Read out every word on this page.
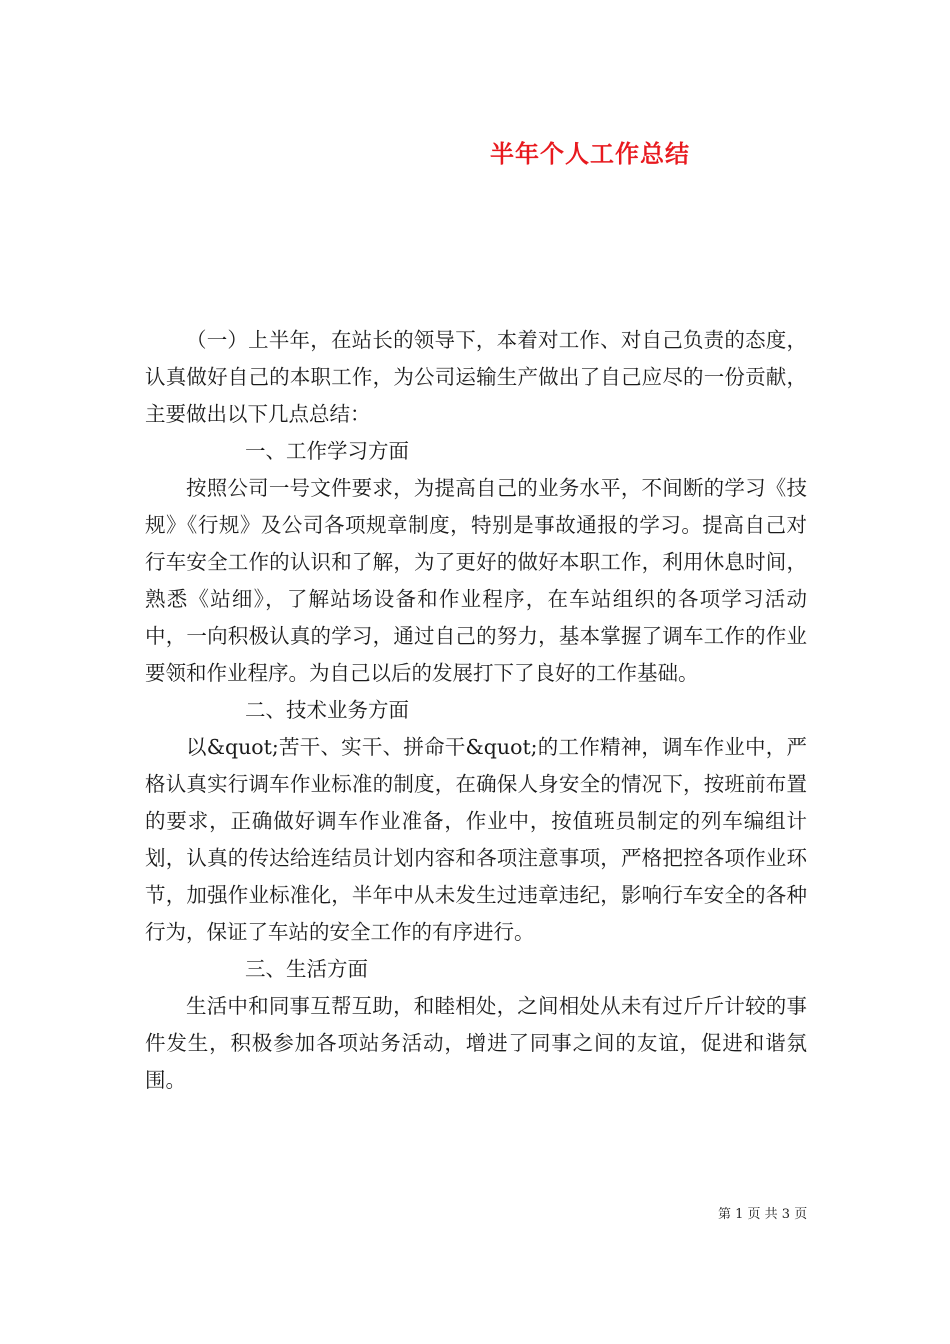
半年个人工作总结

（一）上半年，在站长的领导下，本着对工作、对自己负责的态度，认真做好自己的本职工作，为公司运输生产做出了自己应尽的一份贡献，主要做出以下几点总结：

一、工作学习方面

按照公司一号文件要求，为提高自己的业务水平，不间断的学习《技规》《行规》及公司各项规章制度，特别是事故通报的学习。提高自己对行车安全工作的认识和了解，为了更好的做好本职工作，利用休息时间，熟悉《站细》，了解站场设备和作业程序，在车站组织的各项学习活动中，一向积极认真的学习，通过自己的努力，基本掌握了调车工作的作业要领和作业程序。为自己以后的发展打下了良好的工作基础。

二、技术业务方面

以&quot;苦干、实干、拼命干&quot;的工作精神，调车作业中，严格认真实行调车作业标准的制度，在确保人身安全的情况下，按班前布置的要求，正确做好调车作业准备，作业中，按值班员制定的列车编组计划，认真的传达给连结员计划内容和各项注意事项，严格把控各项作业环节，加强作业标准化，半年中从未发生过违章违纪，影响行车安全的各种行为，保证了车站的安全工作的有序进行。

三、生活方面

生活中和同事互帮互助，和睦相处，之间相处从未有过斤斤计较的事件发生，积极参加各项站务活动，增进了同事之间的友谊，促进和谐氛围。

第 1 页 共 3 页
